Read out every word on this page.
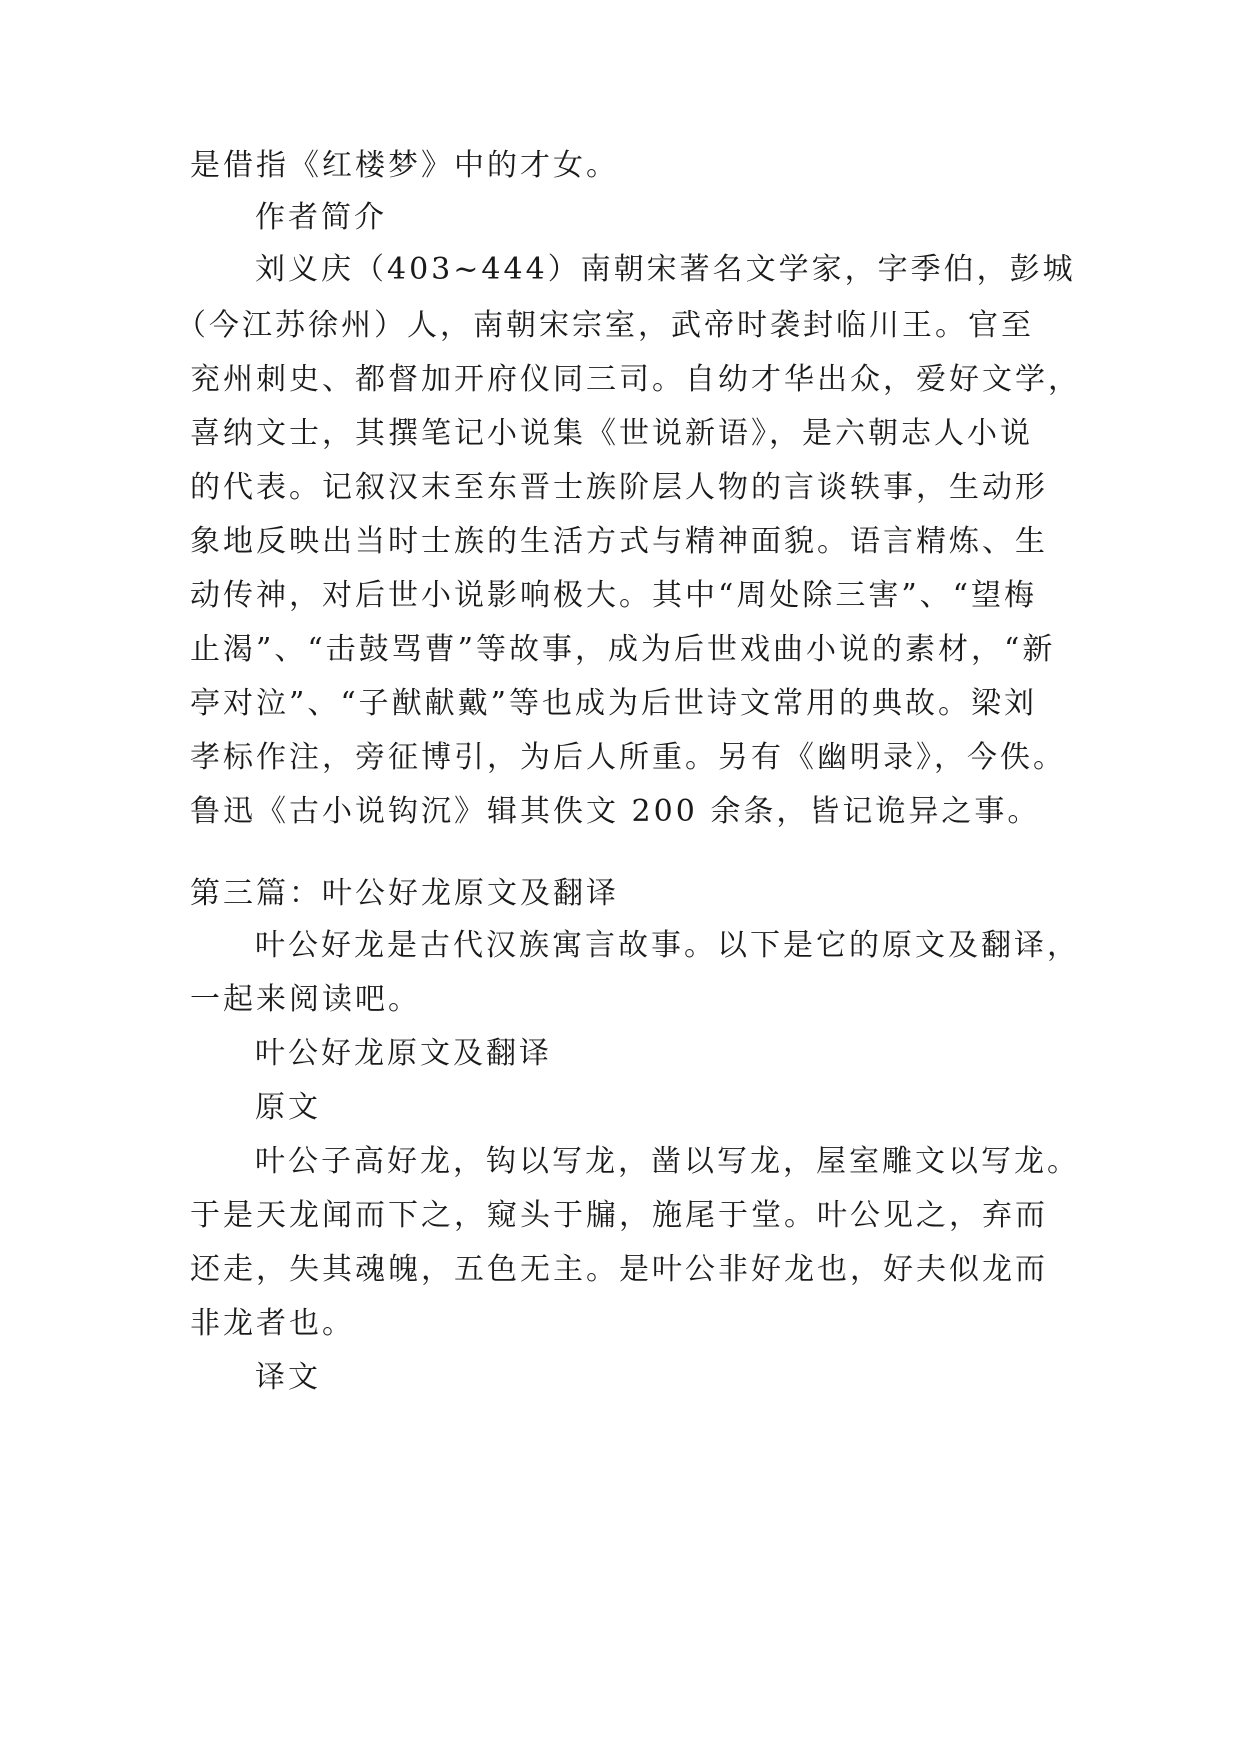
是借指《红楼梦》中的才女。
作者简介
刘义庆（403~444）南朝宋著名文学家，字季伯，彭城
（今江苏徐州）人，南朝宋宗室，武帝时袭封临川王。官至
兖州刺史、都督加开府仪同三司。自幼才华出众，爱好文学，
喜纳文士，其撰笔记小说集《世说新语》，是六朝志人小说
的代表。记叙汉末至东晋士族阶层人物的言谈轶事，生动形
象地反映出当时士族的生活方式与精神面貌。语言精炼、生
动传神，对后世小说影响极大。其中“周处除三害”、“望梅
止渴”、“击鼓骂曹”等故事，成为后世戏曲小说的素材，“新
亭对泣”、“子猷献戴”等也成为后世诗文常用的典故。梁刘
孝标作注，旁征博引，为后人所重。另有《幽明录》，今佚。
鲁迅《古小说钩沉》辑其佚文 200 余条，皆记诡异之事。
第三篇：叶公好龙原文及翻译
叶公好龙是古代汉族寓言故事。以下是它的原文及翻译，
一起来阅读吧。
叶公好龙原文及翻译
原文
叶公子高好龙，钩以写龙，凿以写龙，屋室雕文以写龙。
于是天龙闻而下之，窥头于牖，施尾于堂。叶公见之，弃而
还走，失其魂魄，五色无主。是叶公非好龙也，好夫似龙而
非龙者也。
译文
